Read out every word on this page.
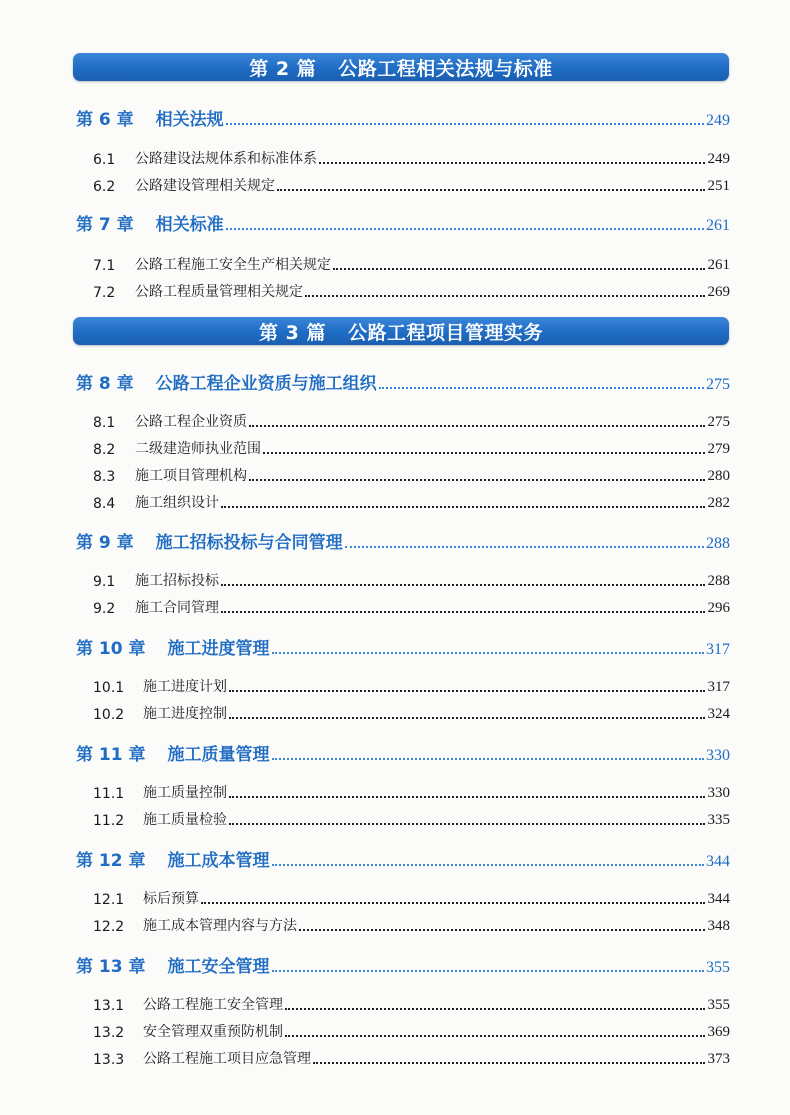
第 2 篇 公路工程相关法规与标准
第 6 章 相关法规	249
6.1	公路建设法规体系和标准体系	249
6.2	公路建设管理相关规定	251
第 7 章 相关标准	261
7.1	公路工程施工安全生产相关规定	261
7.2	公路工程质量管理相关规定	269
第 3 篇 公路工程项目管理实务
第 8 章 公路工程企业资质与施工组织	275
8.1	公路工程企业资质	275
8.2	二级建造师执业范围	279
8.3	施工项目管理机构	280
8.4	施工组织设计	282
第 9 章 施工招标投标与合同管理	288
9.1	施工招标投标	288
9.2	施工合同管理	296
第 10 章 施工进度管理	317
10.1	施工进度计划	317
10.2	施工进度控制	324
第 11 章 施工质量管理	330
11.1	施工质量控制	330
11.2	施工质量检验	335
第 12 章 施工成本管理	344
12.1	标后预算	344
12.2	施工成本管理内容与方法	348
第 13 章 施工安全管理	355
13.1	公路工程施工安全管理	355
13.2	安全管理双重预防机制	369
13.3	公路工程施工项目应急管理	373
